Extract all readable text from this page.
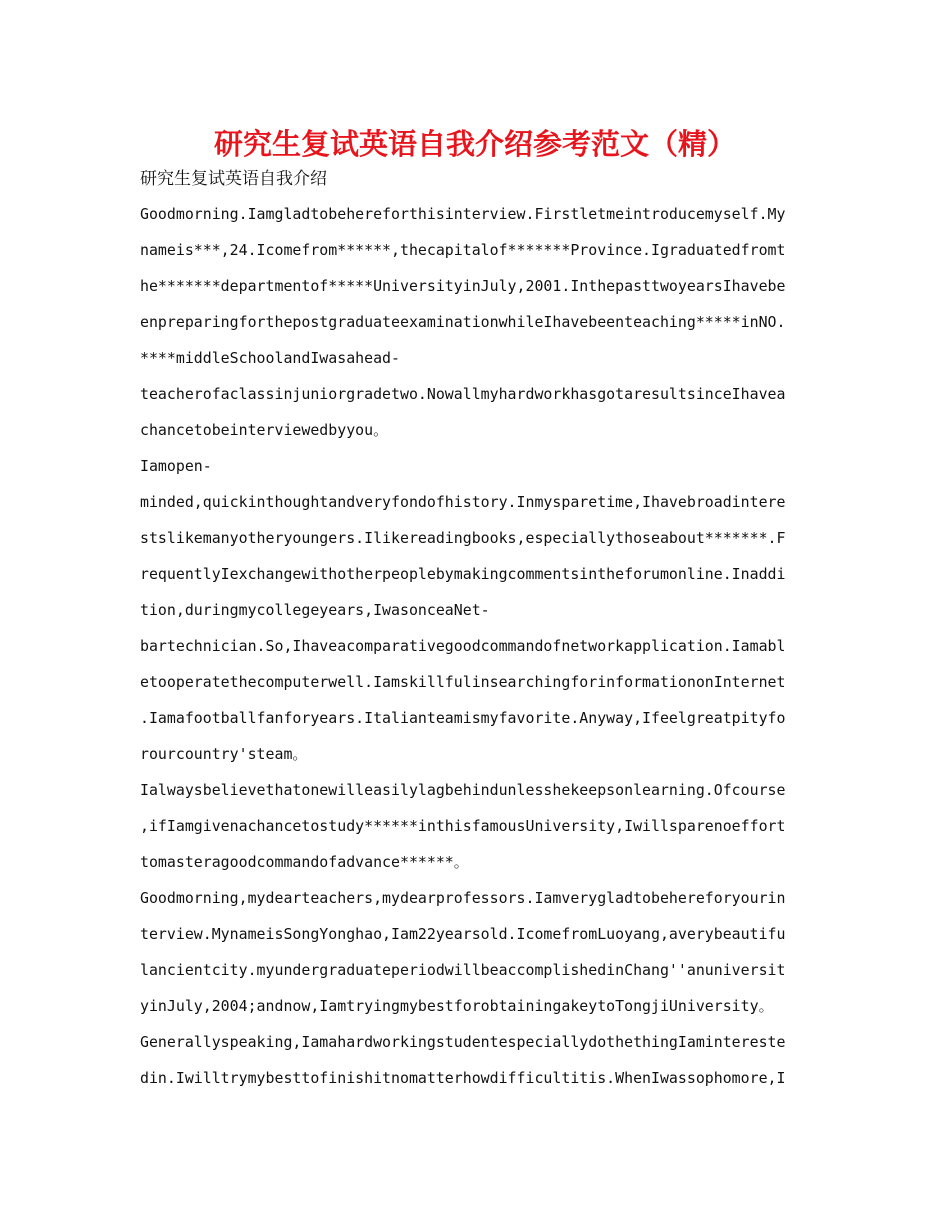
研究生复试英语自我介绍参考范文（精）
研究生复试英语自我介绍
Goodmorning.Iamgladtobehereforthisinterview.Firstletmeintroducemyself.My
nameis***,24.Icomefrom******,thecapitalof*******Province.Igraduatedfromt
he*******departmentof*****UniversityinJuly,2001.InthepasttwoyearsIhavebe
enpreparingforthepostgraduateexaminationwhileIhavebeenteaching*****inNO.
****middleSchoolandIwasahead-
teacherofaclassinjuniorgradetwo.NowallmyhardworkhasgotaresultsinceIhavea
chancetobeinterviewedbyyou。
Iamopen-
minded,quickinthoughtandveryfondofhistory.Inmysparetime,Ihavebroadintere
stslikemanyotheryoungers.Ilikereadingbooks,especiallythoseabout*******.F
requentlyIexchangewithotherpeoplebymakingcommentsintheforumonline.Inaddi
tion,duringmycollegeyears,IwasonceaNet-
bartechnician.So,Ihaveacomparativegoodcommandofnetworkapplication.Iamabl
etooperatethecomputerwell.IamskillfulinsearchingforinformationonInternet
.Iamafootballfanforyears.Italianteamismyfavorite.Anyway,Ifeelgreatpityfo
rourcountry'steam。
Ialwaysbelievethatonewilleasilylagbehindunlesshekeepsonlearning.Ofcourse
,ifIamgivenachancetostudy******inthisfamousUniversity,Iwillsparenoeffort
tomasteragoodcommandofadvance******。
Goodmorning,mydearteachers,mydearprofessors.Iamverygladtobehereforyourin
terview.MynameisSongYonghao,Iam22yearsold.IcomefromLuoyang,averybeautifu
lancientcity.myundergraduateperiodwillbeaccomplishedinChang''anuniversit
yinJuly,2004;andnow,IamtryingmybestforobtainingakeytoTongjiUniversity。
Generallyspeaking,IamahardworkingstudentespeciallydothethingIamintereste
din.Iwilltrymybesttofinishitnomatterhowdifficultitis.WhenIwassophomore,I
